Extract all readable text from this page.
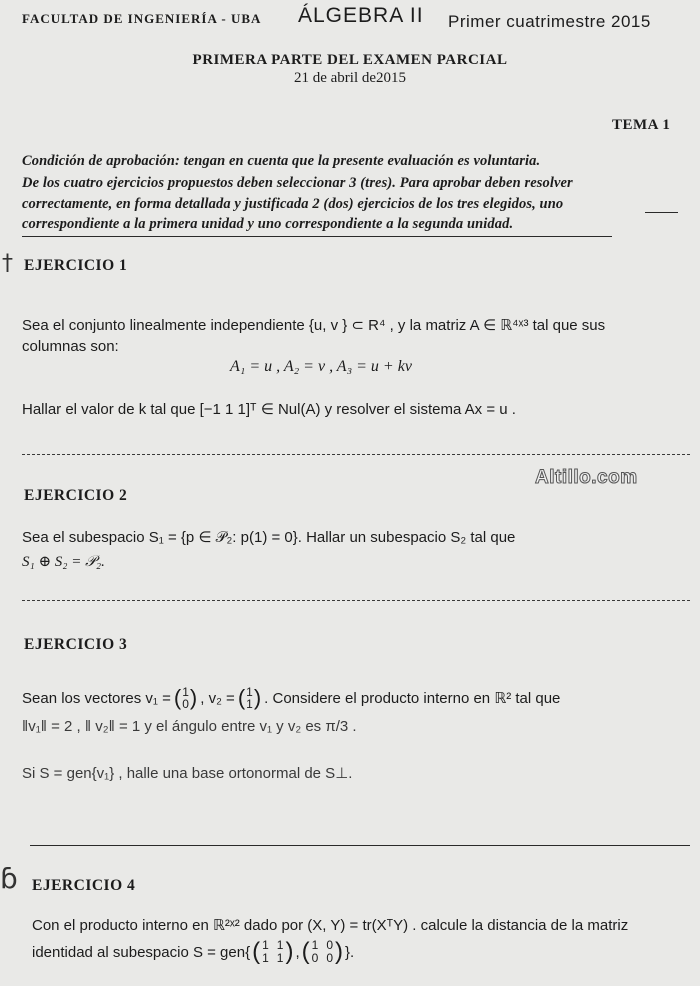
FACULTAD DE INGENIERÍA - UBA ÁLGEBRA II Primer cuatrimestre 2015
PRIMERA PARTE DEL EXAMEN PARCIAL
21 de abril de2015
TEMA 1
Condición de aprobación: tengan en cuenta que la presente evaluación es voluntaria.
De los cuatro ejercicios propuestos deben seleccionar 3 (tres). Para aprobar deben resolver
correctamente, en forma detallada y justificada 2 (dos) ejercicios de los tres elegidos, uno
correspondiente a la primera unidad y uno correspondiente a la segunda unidad.
† EJERCICIO 1
Sea el conjunto linealmente independiente {u, v } ⊂ R⁴ , y la matriz A ∈ ℝ⁴ˣ³ tal que sus
columnas son:
A₁ = u , A₂ = v , A₃ = u + kv
Hallar el valor de k tal que [−1 1 1]ᵀ ∈ Nul(A) y resolver el sistema Ax = u .
Altillo.com
EJERCICIO 2
Sea el subespacio S₁ = {p ∈ 𝒫₂: p(1) = 0}. Hallar un subespacio S₂ tal que
S₁ ⊕ S₂ = 𝒫₂.
EJERCICIO 3
Sean los vectores v₁ = ( 1
0 ) , v₂ = ( 1
1 ) . Considere el producto interno en ℝ² tal que
‖v₁‖ = 2 , ‖ v₂‖ = 1 y el ángulo entre v₁ y v₂ es π/3 .
Si S = gen{v₁} , halle una base ortonormal de S⊥.
ɓ EJERCICIO 4
Con el producto interno en ℝ²ˣ² dado por (X, Y) = tr(XᵀY) . calcule la distancia de la matriz
identidad al subespacio S = gen{ ( 1 1
1 1 ) , ( 1 0
0 0 ) }.
